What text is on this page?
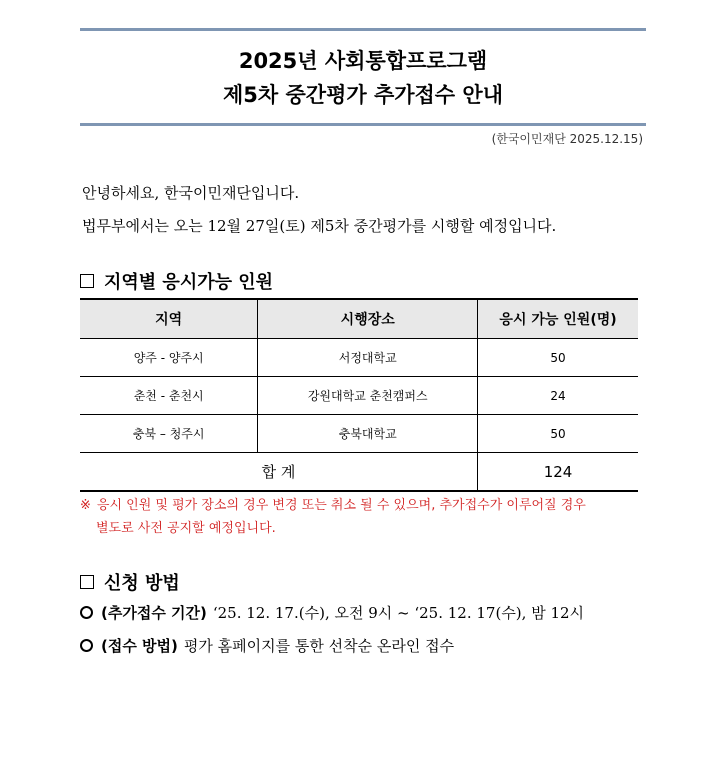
2025년 사회통합프로그램
제5차 중간평가 추가접수 안내
(한국이민재단 2025.12.15)
안녕하세요, 한국이민재단입니다.
법무부에서는 오는 12월 27일(토) 제5차 중간평가를 시행할 예정입니다.
지역별 응시가능 인원
지역	시행장소	응시 가능 인원(명)
양주 - 양주시	서정대학교	50
춘천 - 춘천시	강원대학교 춘천캠퍼스	24
충북 – 청주시	충북대학교	50
합 계		124
※ 응시 인원 및 평가 장소의 경우 변경 또는 취소 될 수 있으며, 추가접수가 이루어질 경우
별도로 사전 공지할 예정입니다.
신청 방법
(추가접수 기간) ‘25. 12. 17.(수), 오전 9시 ~ ‘25. 12. 17(수), 밤 12시
(접수 방법) 평가 홈페이지를 통한 선착순 온라인 접수
